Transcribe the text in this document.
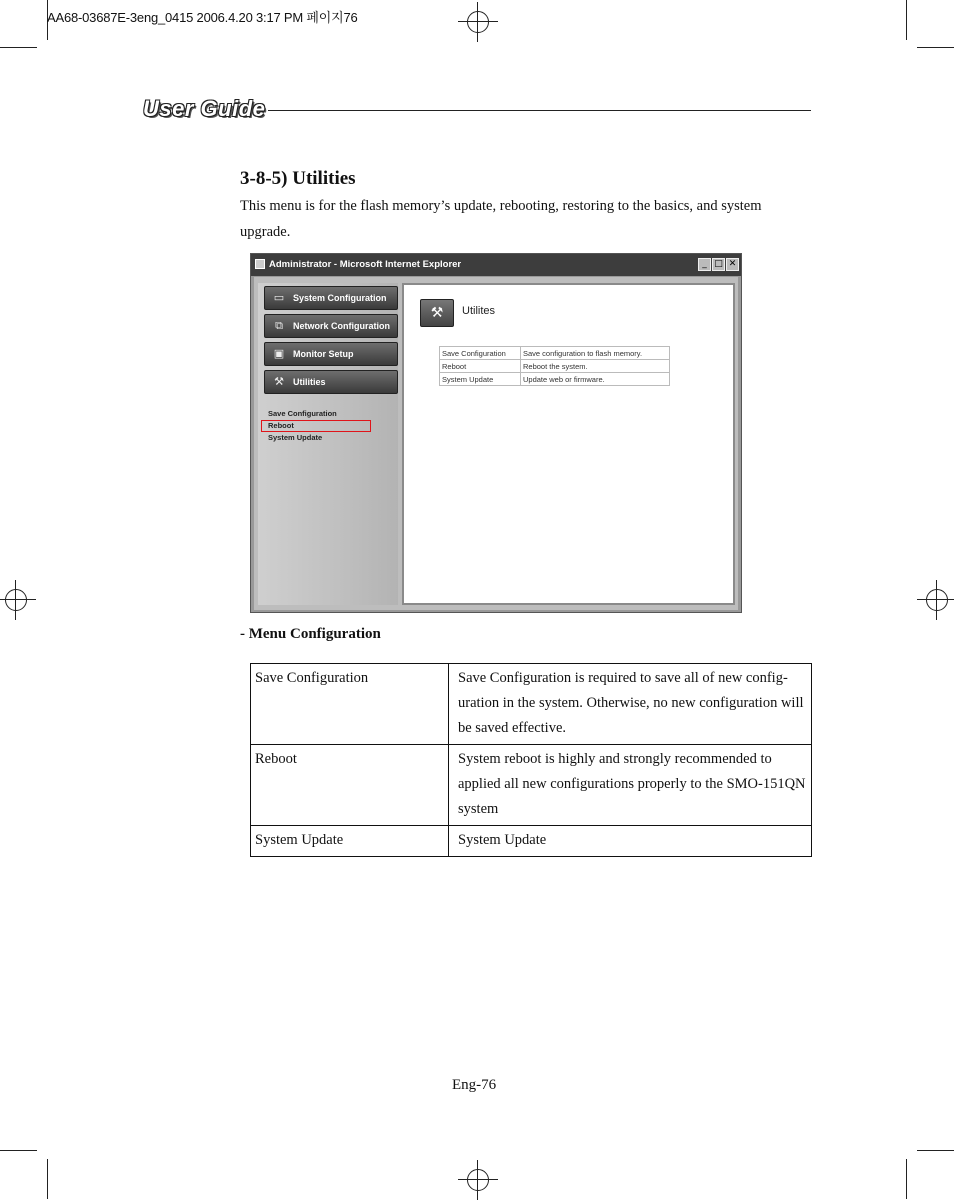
AA68-03687E-3eng_0415 2006.4.20 3:17 PM 페이지76
User Guide
3-8-5) Utilities
This menu is for the flash memory’s update, rebooting, restoring to the basics, and system upgrade.
Administrator - Microsoft Internet Explorer	_ □ ✕
▭ System Configuration
⧉	Network Configuration
▣ Monitor Setup
⚒	Utilities
Save Configuration
Reboot
System Update
⚒	Utilites
Save Configuration	Save configuration to flash memory.
Reboot	Reboot the system.
System Update	Update web or firmware.
- Menu Configuration
Save Configuration	Save Configuration is required to save all of new config-uration in the system. Otherwise, no new configuration will be saved effective.
Reboot	System reboot is highly and strongly recommended to applied all new configurations properly to the SMO-151QN system
System Update	System Update
Eng-76
